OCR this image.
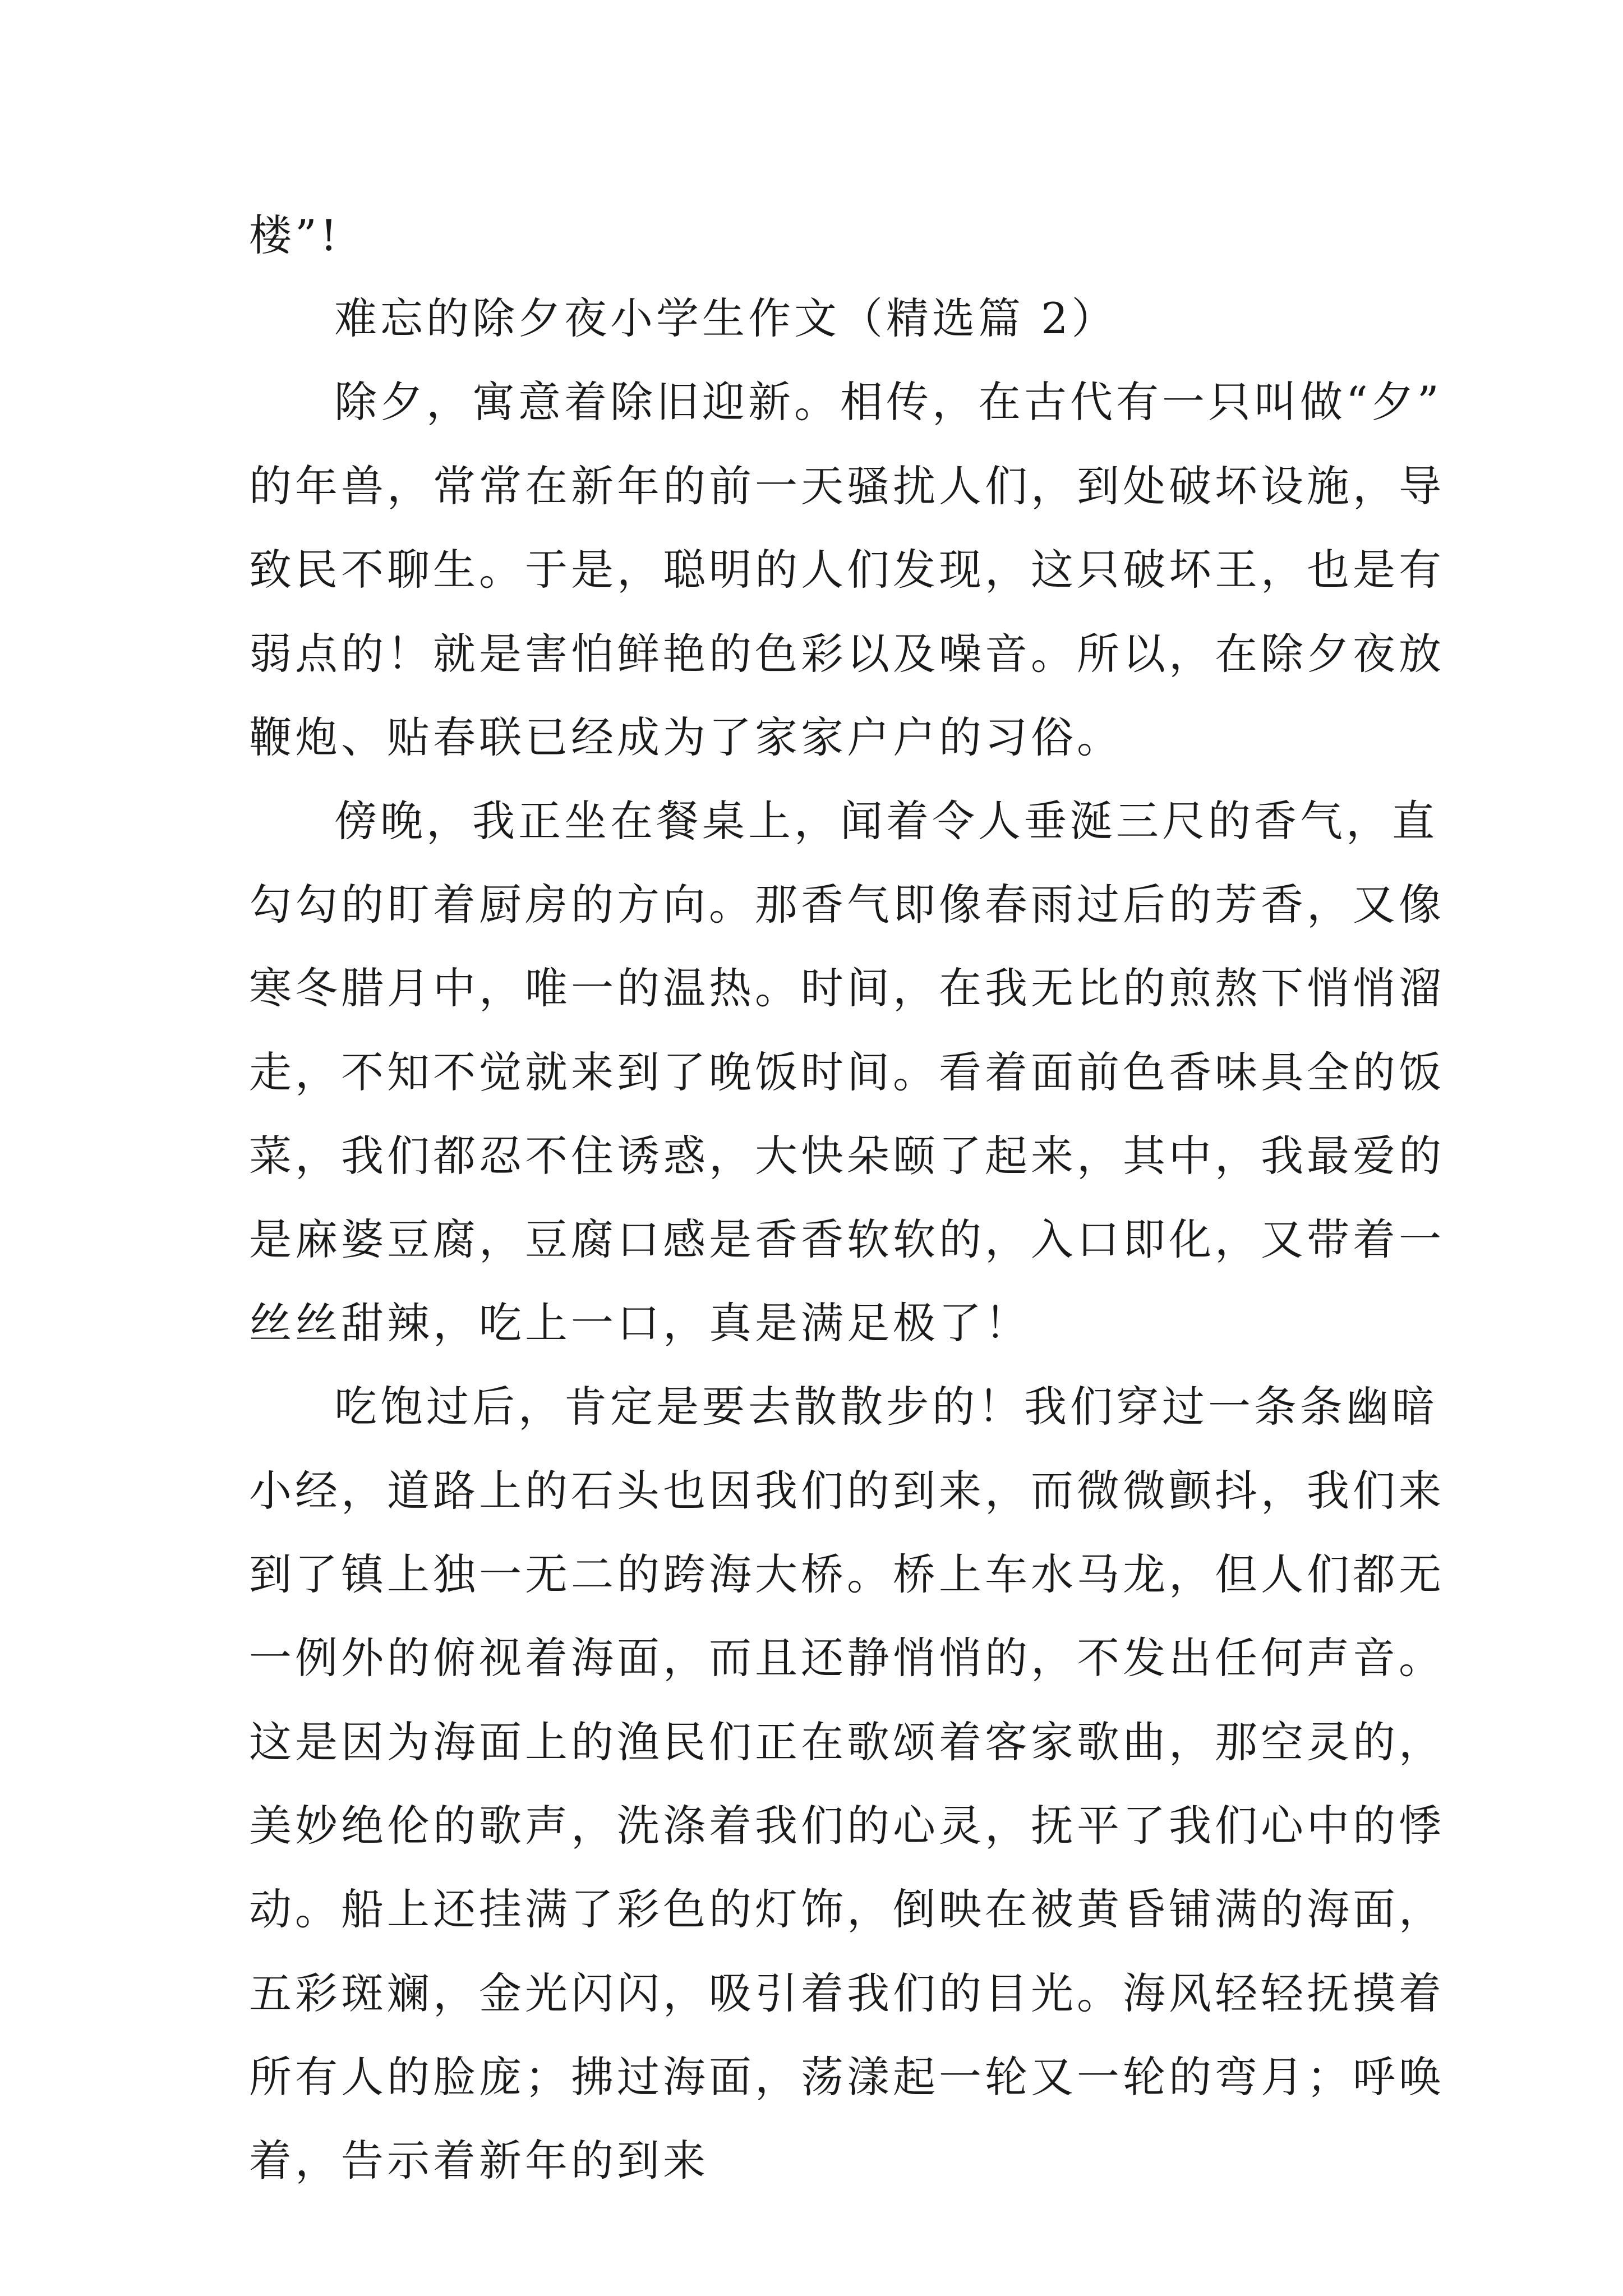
楼”!
难忘的除夕夜小学生作文（精选篇 2）
除夕，寓意着除旧迎新。相传，在古代有一只叫做“夕”
的年兽，常常在新年的前一天骚扰人们，到处破坏设施，导
致民不聊生。于是，聪明的人们发现，这只破坏王，也是有
弱点的！就是害怕鲜艳的色彩以及噪音。所以，在除夕夜放
鞭炮、贴春联已经成为了家家户户的习俗。
傍晚，我正坐在餐桌上，闻着令人垂涎三尺的香气，直
勾勾的盯着厨房的方向。那香气即像春雨过后的芳香，又像
寒冬腊月中，唯一的温热。时间，在我无比的煎熬下悄悄溜
走，不知不觉就来到了晚饭时间。看着面前色香味具全的饭
菜，我们都忍不住诱惑，大快朵颐了起来，其中，我最爱的
是麻婆豆腐，豆腐口感是香香软软的，入口即化，又带着一
丝丝甜辣，吃上一口，真是满足极了！
吃饱过后，肯定是要去散散步的！我们穿过一条条幽暗
小经，道路上的石头也因我们的到来，而微微颤抖，我们来
到了镇上独一无二的跨海大桥。桥上车水马龙，但人们都无
一例外的俯视着海面，而且还静悄悄的，不发出任何声音。
这是因为海面上的渔民们正在歌颂着客家歌曲，那空灵的，
美妙绝伦的歌声，洗涤着我们的心灵，抚平了我们心中的悸
动。船上还挂满了彩色的灯饰，倒映在被黄昏铺满的海面，
五彩斑斓，金光闪闪，吸引着我们的目光。海风轻轻抚摸着
所有人的脸庞；拂过海面，荡漾起一轮又一轮的弯月；呼唤
着，告示着新年的到来
